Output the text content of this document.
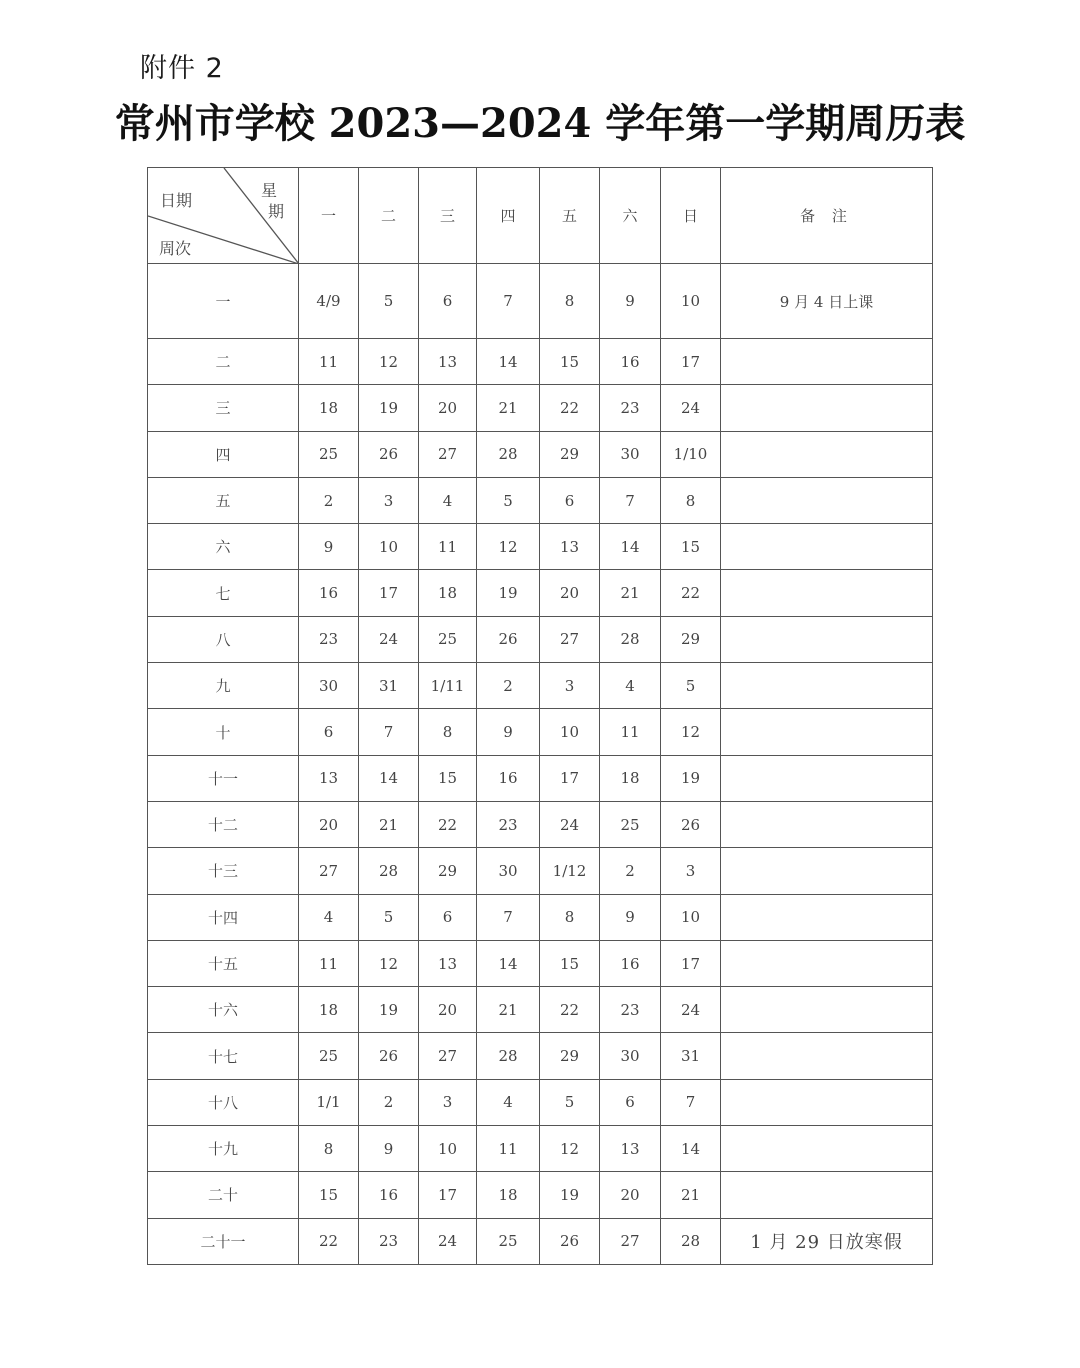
附件 2
常州市学校 2023—2024 学年第一学期周历表
日期
星
期
周次	一	二	三	四	五	六	日	备 注
一	4/9	5	6	7	8	9	10	9 月 4 日上课
二	11	12	13	14	15	16	17	
三	18	19	20	21	22	23	24	
四	25	26	27	28	29	30	1/10	
五	2	3	4	5	6	7	8	
六	9	10	11	12	13	14	15	
七	16	17	18	19	20	21	22	
八	23	24	25	26	27	28	29	
九	30	31	1/11	2	3	4	5	
十	6	7	8	9	10	11	12	
十一	13	14	15	16	17	18	19	
十二	20	21	22	23	24	25	26	
十三	27	28	29	30	1/12	2	3	
十四	4	5	6	7	8	9	10	
十五	11	12	13	14	15	16	17	
十六	18	19	20	21	22	23	24	
十七	25	26	27	28	29	30	31	
十八	1/1	2	3	4	5	6	7	
十九	8	9	10	11	12	13	14	
二十	15	16	17	18	19	20	21	
二十一	22	23	24	25	26	27	28	1 月 29 日放寒假
